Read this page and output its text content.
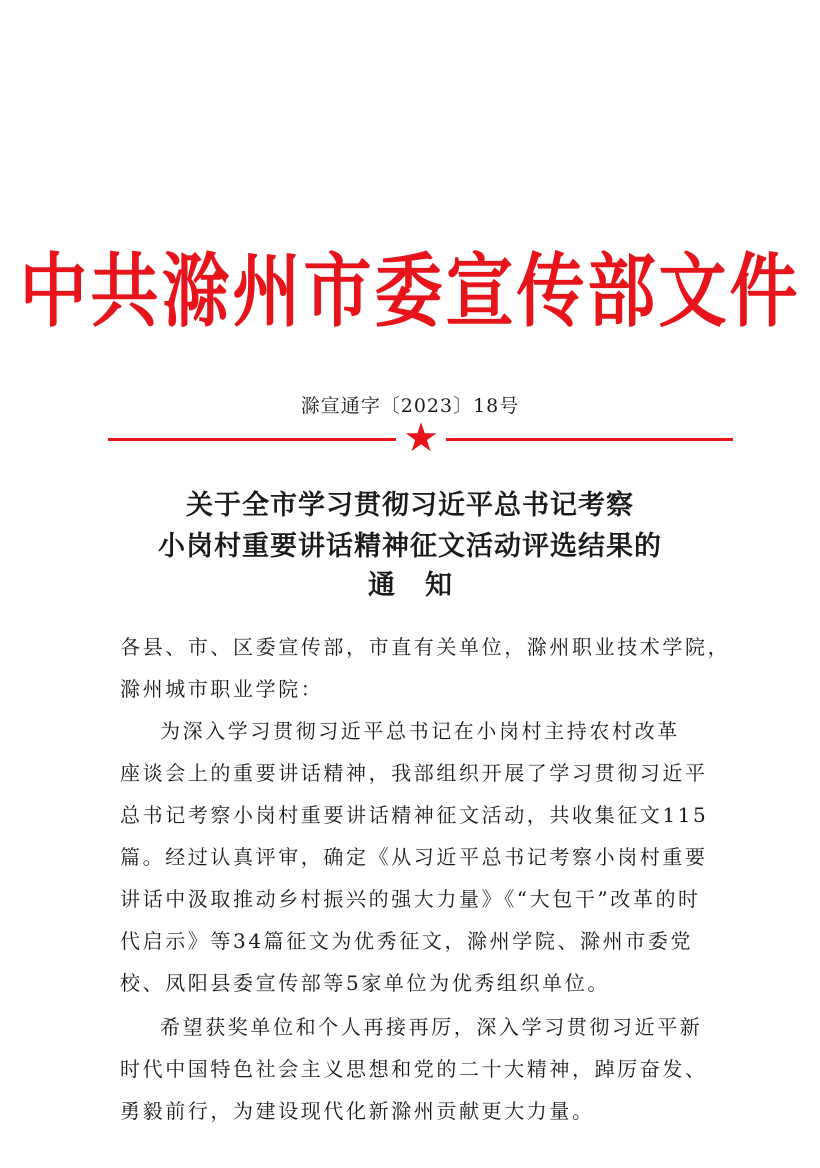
中共滁州市委宣传部文件
滁宣通字〔2023〕18号
★
关于全市学习贯彻习近平总书记考察
小岗村重要讲话精神征文活动评选结果的
通知
各县、市、区委宣传部，市直有关单位，滁州职业技术学院，
滁州城市职业学院：
为深入学习贯彻习近平总书记在小岗村主持农村改革
座谈会上的重要讲话精神，我部组织开展了学习贯彻习近平
总书记考察小岗村重要讲话精神征文活动，共收集征文115
篇。经过认真评审，确定《从习近平总书记考察小岗村重要
讲话中汲取推动乡村振兴的强大力量》《“大包干”改革的时
代启示》等34篇征文为优秀征文，滁州学院、滁州市委党
校、凤阳县委宣传部等5家单位为优秀组织单位。
希望获奖单位和个人再接再厉，深入学习贯彻习近平新
时代中国特色社会主义思想和党的二十大精神，踔厉奋发、
勇毅前行，为建设现代化新滁州贡献更大力量。
